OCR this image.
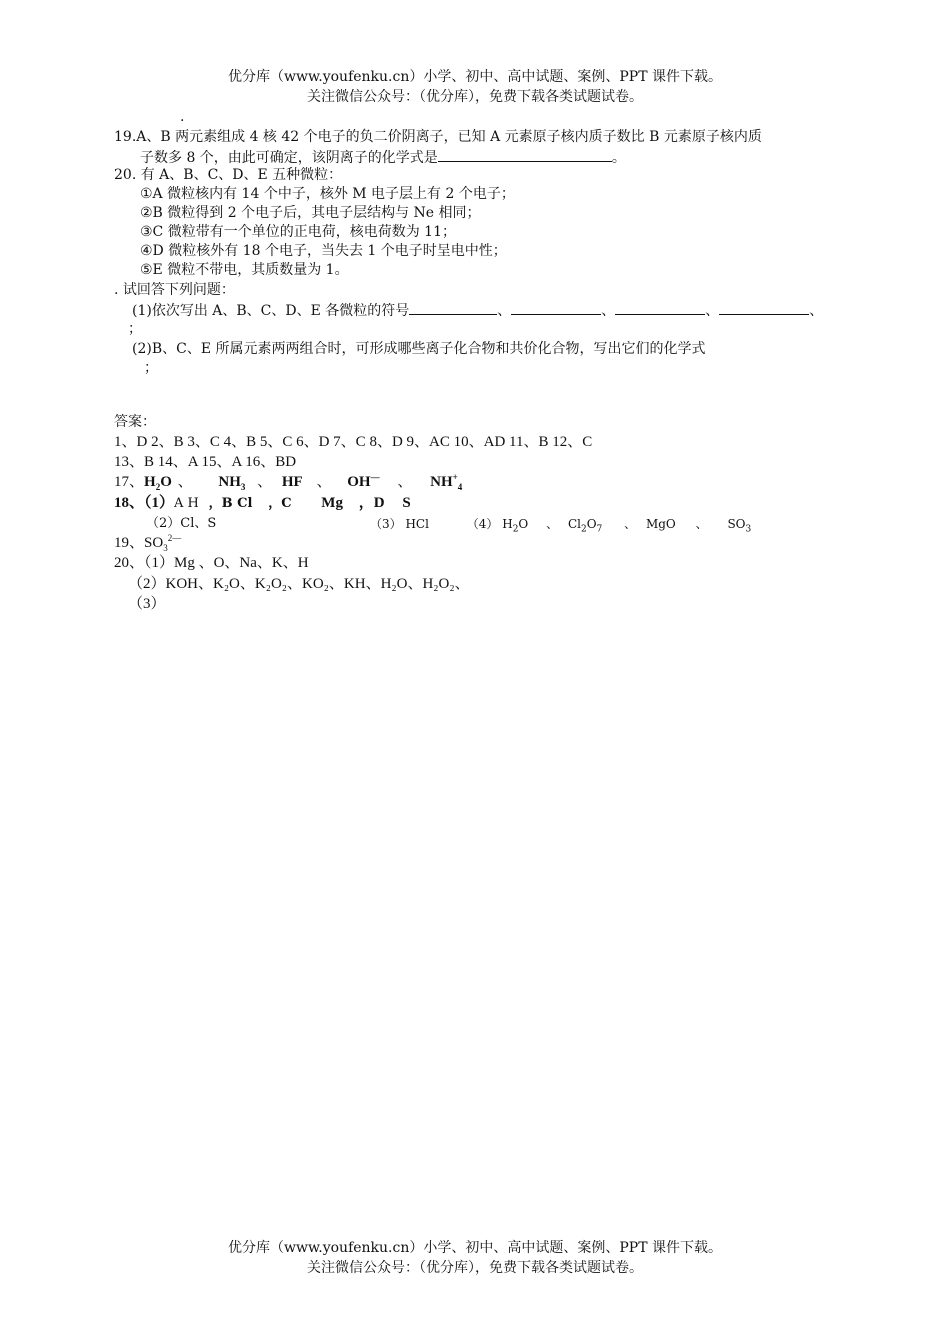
优分库（www.youfenku.cn）小学、初中、高中试题、案例、PPT 课件下载。
关注微信公众号：（优分库），免费下载各类试题试卷。
.
19.A、B 两元素组成 4 核 42 个电子的负二价阴离子，已知 A 元素原子核内质子数比 B 元素原子核内质
子数多 8 个，由此可确定，该阴离子的化学式是	。
20. 有 A、B、C、D、E 五种微粒：
①A 微粒核内有 14 个中子，核外 M 电子层上有 2 个电子；
②B 微粒得到 2 个电子后，其电子层结构与 Ne 相同；
③C 微粒带有一个单位的正电荷，核电荷数为 11；
④D 微粒核外有 18 个电子，当失去 1 个电子时呈电中性；
⑤E 微粒不带电，其质数量为 1。
. 试回答下列问题：
(1)依次写出 A、B、C、D、E 各微粒的符号	、	、	、	、
；
(2)B、C、E 所属元素两两组合时，可形成哪些离子化合物和共价化合物，写出它们的化学式
；
答案：
1、D 2、B 3、C 4、B 5、C 6、D 7、C 8、D 9、AC 10、AD 11、B 12、C
13、B 14、A 15、A 16、BD
17、$H_2O$ 、 $NH_3$ 、 HF 、 OH— 、 $NH^+_4$
18、（1）A H ，B Cl ，C Mg ，D S
（2）Cl、S	（3） HCl	（4） $H_2O$ 、 $Cl_2O_7$ 、 MgO 、 $SO_3$
19、$SO_3^{2—}$
20、（1）Mg 、O、Na、K、H
（2）KOH、K₂O、K₂O₂、KO₂、KH、H₂O、H₂O₂、
（3）
优分库（www.youfenku.cn）小学、初中、高中试题、案例、PPT 课件下载。
关注微信公众号：（优分库），免费下载各类试题试卷。
